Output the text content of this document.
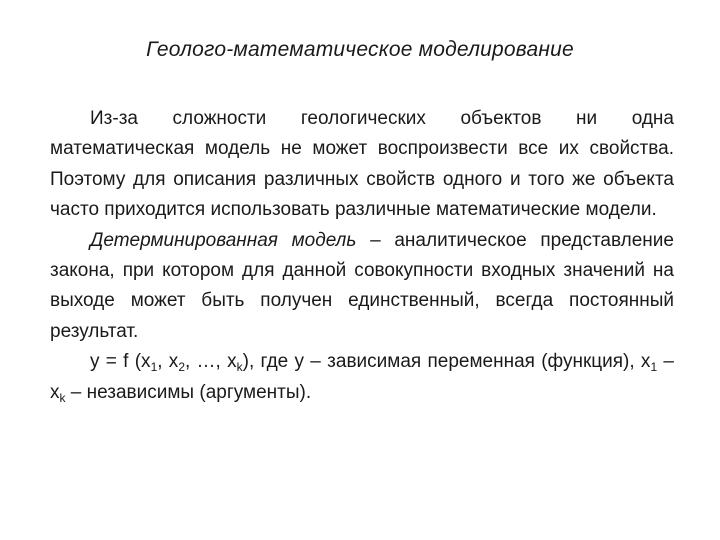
Геолого-математическое моделирование

Из-за сложности геологических объектов ни одна математическая модель не может воспроизвести все их свойства. Поэтому для описания различных свойств одного и того же объекта часто приходится использовать различные математические модели.

Детерминированная модель – аналитическое представление закона, при котором для данной совокупности входных значений на выходе может быть получен единственный, всегда постоянный результат.

y = f ($x_1$, $x_2$, …, $x_k$), где y – зависимая переменная (функция), $x_1 - x_k$ – независимы (аргументы).
